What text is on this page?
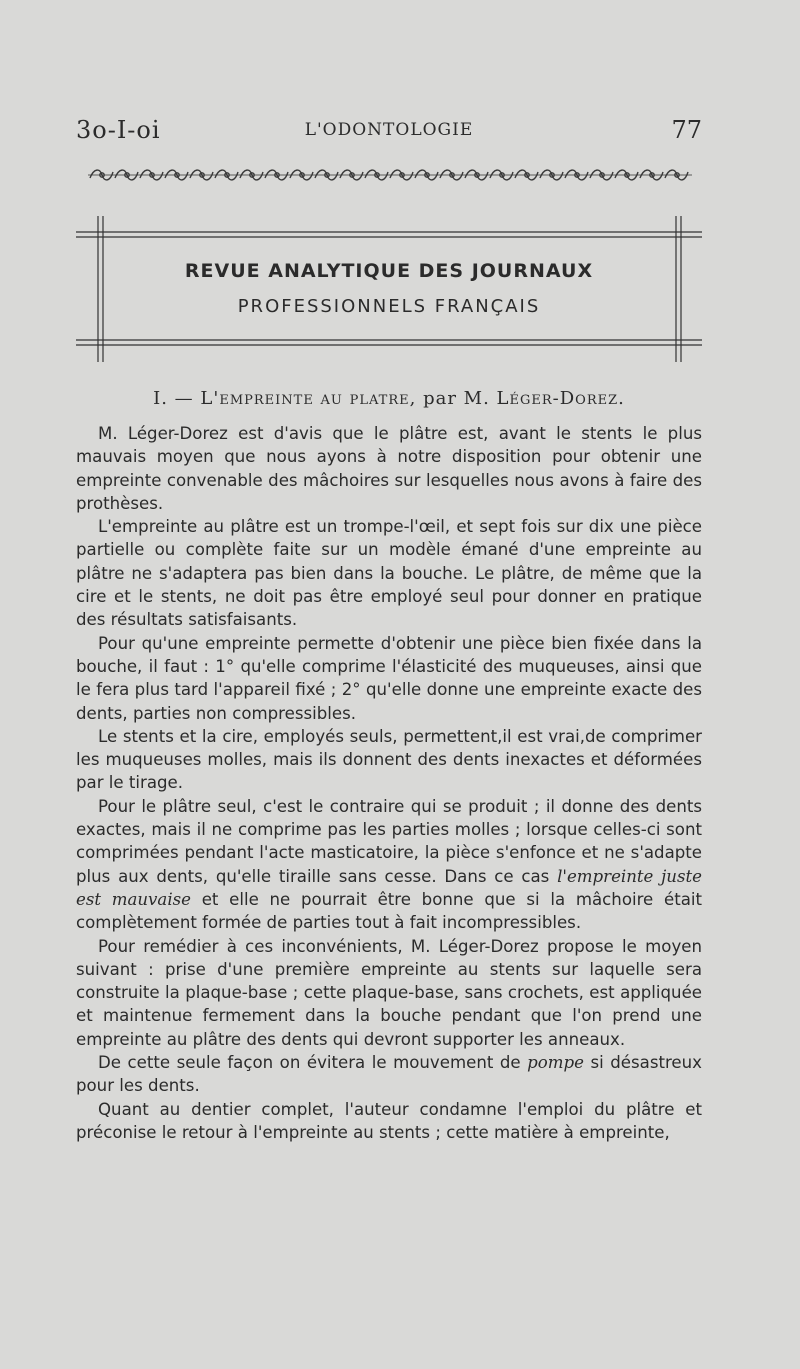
3o-I-oi	L'ODONTOLOGIE	77
REVUE ANALYTIQUE DES JOURNAUX
PROFESSIONNELS FRANÇAIS
I. — L'empreinte au platre, par M. Léger-Dorez.

M. Léger-Dorez est d'avis que le plâtre est, avant le stents le plus mauvais moyen que nous ayons à notre disposition pour obtenir une empreinte convenable des mâchoires sur lesquelles nous avons à faire des prothèses.

L'empreinte au plâtre est un trompe-l'œil, et sept fois sur dix une pièce partielle ou complète faite sur un modèle émané d'une empreinte au plâtre ne s'adaptera pas bien dans la bouche. Le plâtre, de même que la cire et le stents, ne doit pas être employé seul pour donner en pratique des résultats satisfaisants.

Pour qu'une empreinte permette d'obtenir une pièce bien fixée dans la bouche, il faut : 1° qu'elle comprime l'élasticité des muqueuses, ainsi que le fera plus tard l'appareil fixé ; 2° qu'elle donne une empreinte exacte des dents, parties non compressibles.

Le stents et la cire, employés seuls, permettent,il est vrai,de comprimer les muqueuses molles, mais ils donnent des dents inexactes et déformées par le tirage.

Pour le plâtre seul, c'est le contraire qui se produit ; il donne des dents exactes, mais il ne comprime pas les parties molles ; lorsque celles-ci sont comprimées pendant l'acte masticatoire, la pièce s'enfonce et ne s'adapte plus aux dents, qu'elle tiraille sans cesse. Dans ce cas l'empreinte juste est mauvaise et elle ne pourrait être bonne que si la mâchoire était complètement formée de parties tout à fait incompressibles.

Pour remédier à ces inconvénients, M. Léger-Dorez propose le moyen suivant : prise d'une première empreinte au stents sur laquelle sera construite la plaque-base ; cette plaque-base, sans crochets, est appliquée et maintenue fermement dans la bouche pendant que l'on prend une empreinte au plâtre des dents qui devront supporter les anneaux.

De cette seule façon on évitera le mouvement de pompe si désastreux pour les dents.

Quant au dentier complet, l'auteur condamne l'emploi du plâtre et préconise le retour à l'empreinte au stents ; cette matière à empreinte,
